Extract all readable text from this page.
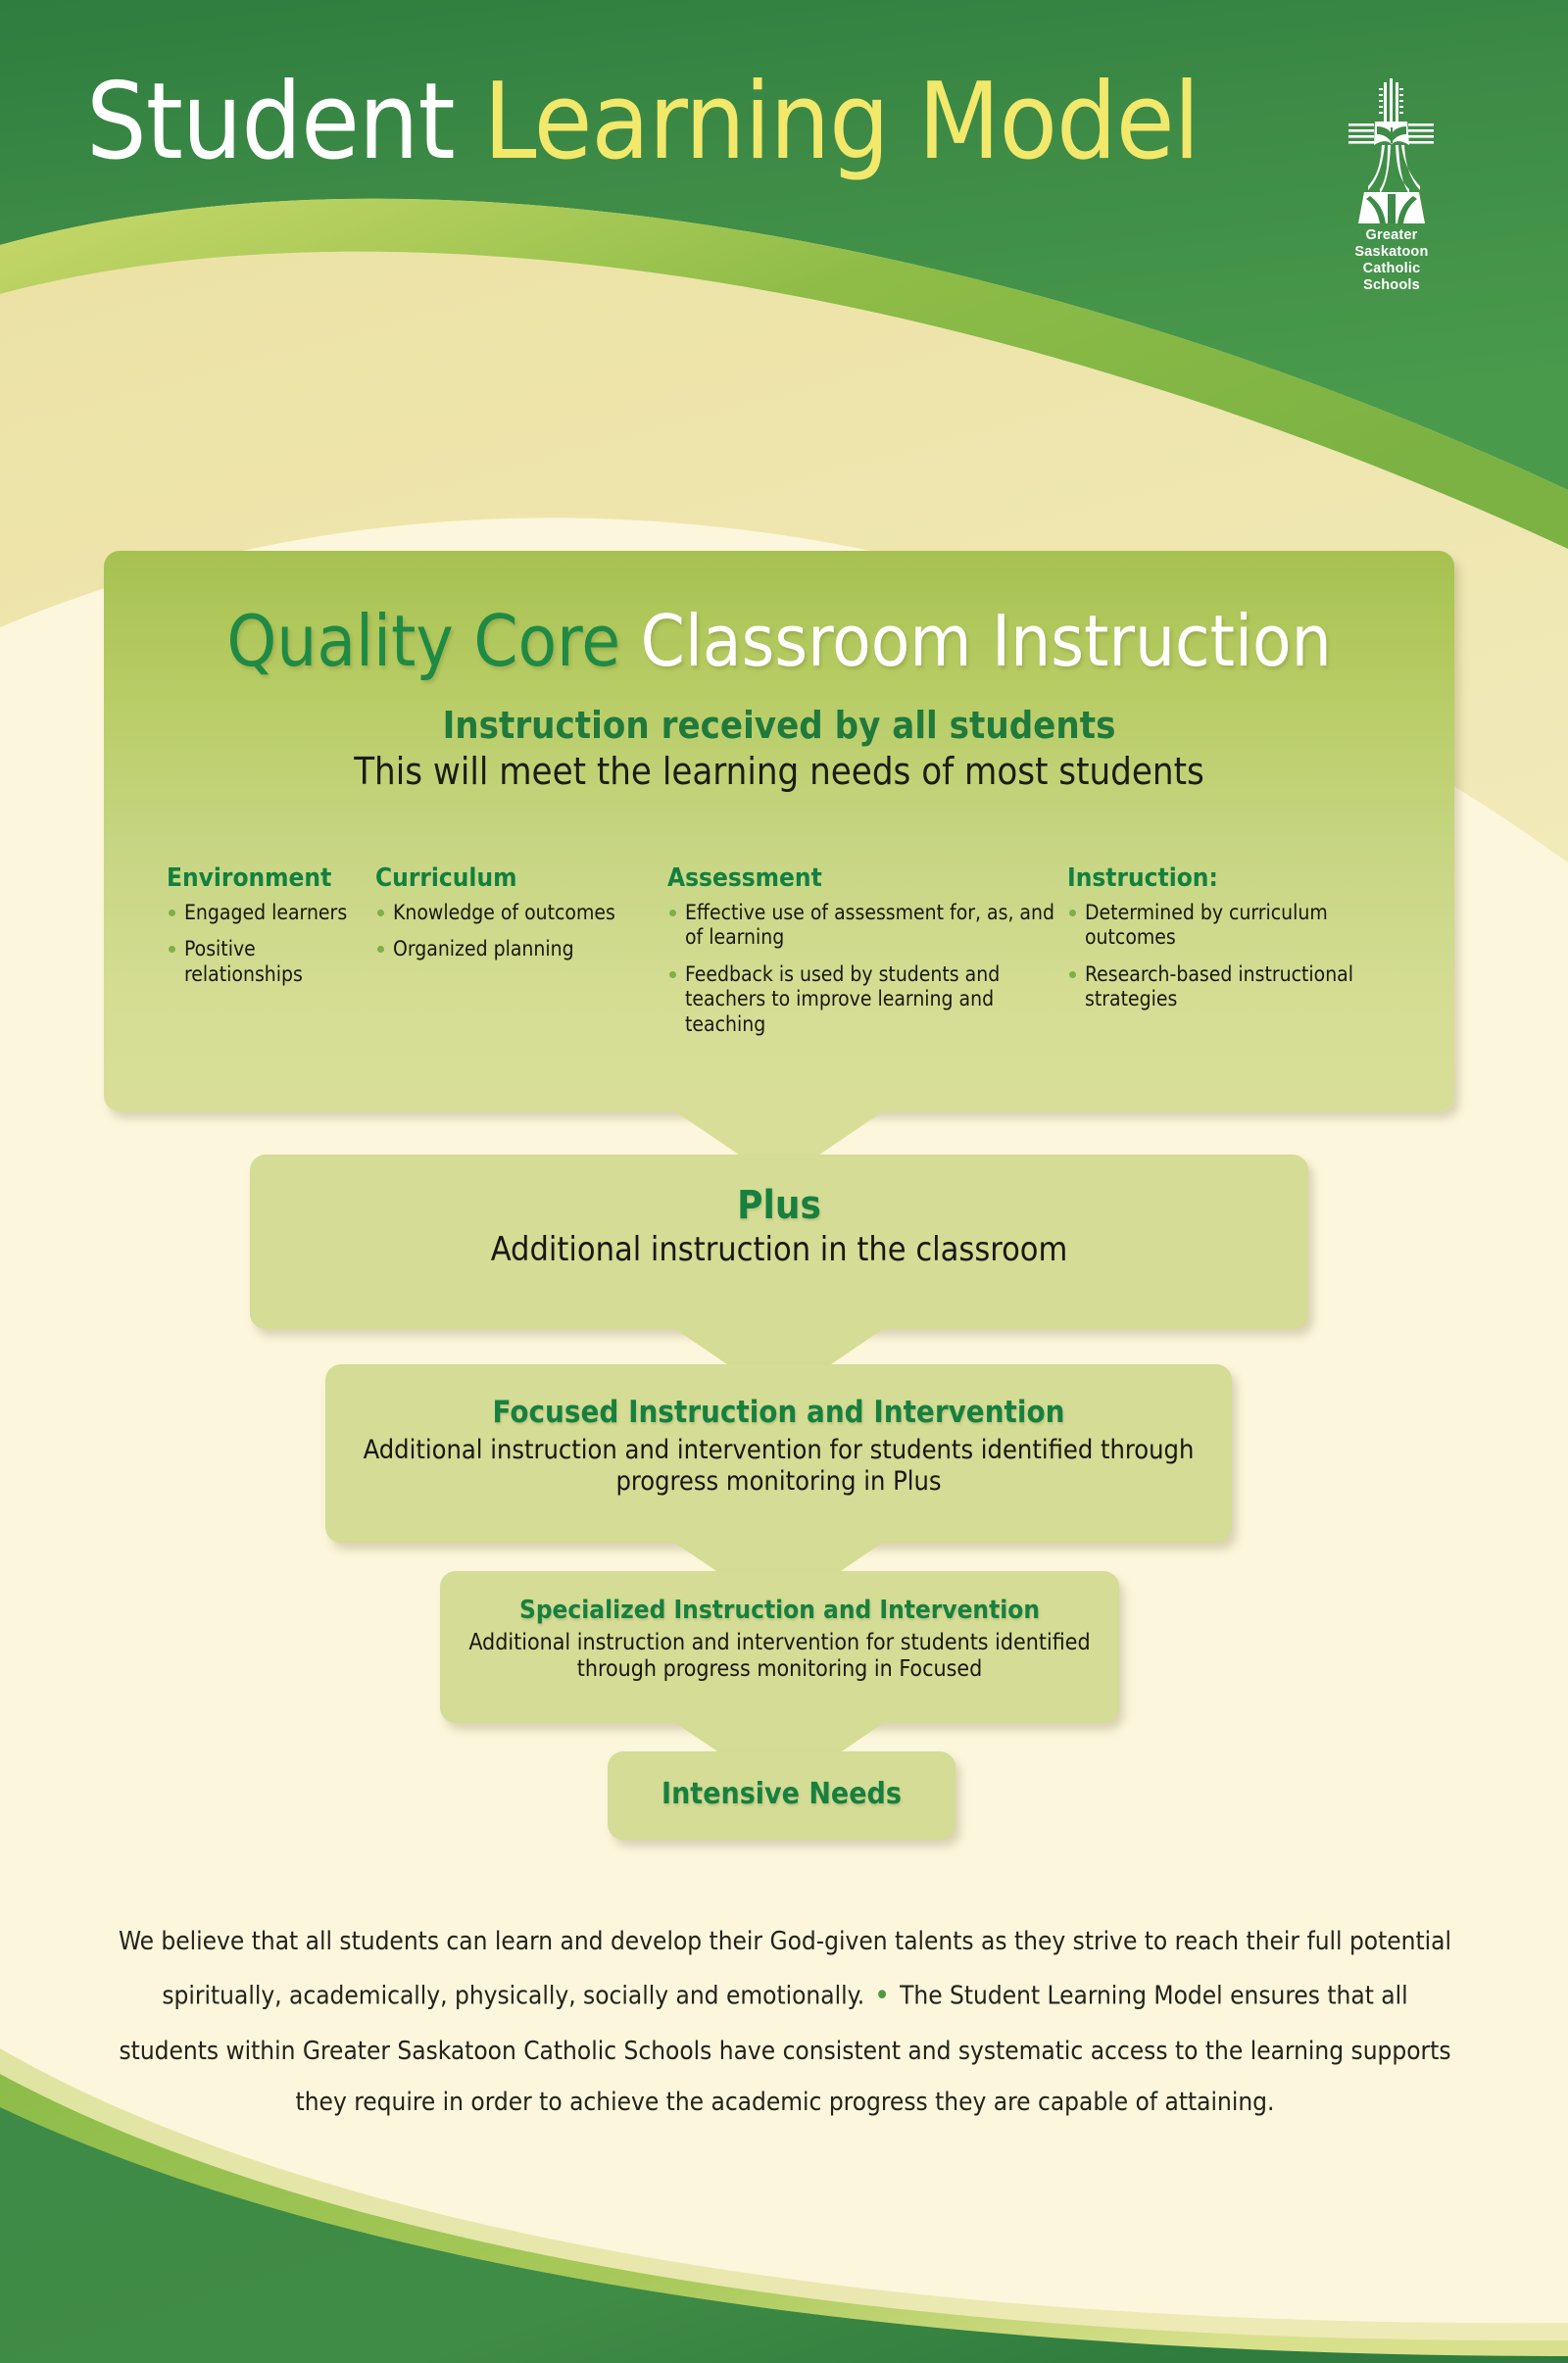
Student Learning Model
Greater
Saskatoon
Catholic
Schools
Quality Core Classroom Instruction
Instruction received by all students
This will meet the learning needs of most students
Environment
Engaged learners
Positive relationships
Curriculum
Knowledge of outcomes
Organized planning
Assessment
Effective use of assessment for, as, and of learning
Feedback is used by students and teachers to improve learning and teaching
Instruction:
Determined by curriculum outcomes
Research-based instructional strategies
Plus

Additional instruction in the classroom

Focused Instruction and Intervention

Additional instruction and intervention for students identified through progress monitoring in Plus

Specialized Instruction and Intervention

Additional instruction and intervention for students identified through progress monitoring in Focused

Intensive Needs
We believe that all students can learn and develop their God-given talents as they strive to reach their full potential spiritually, academically, physically, socially and emotionally. • The Student Learning Model ensures that all students within Greater Saskatoon Catholic Schools have consistent and systematic access to the learning supports they require in order to achieve the academic progress they are capable of attaining.
